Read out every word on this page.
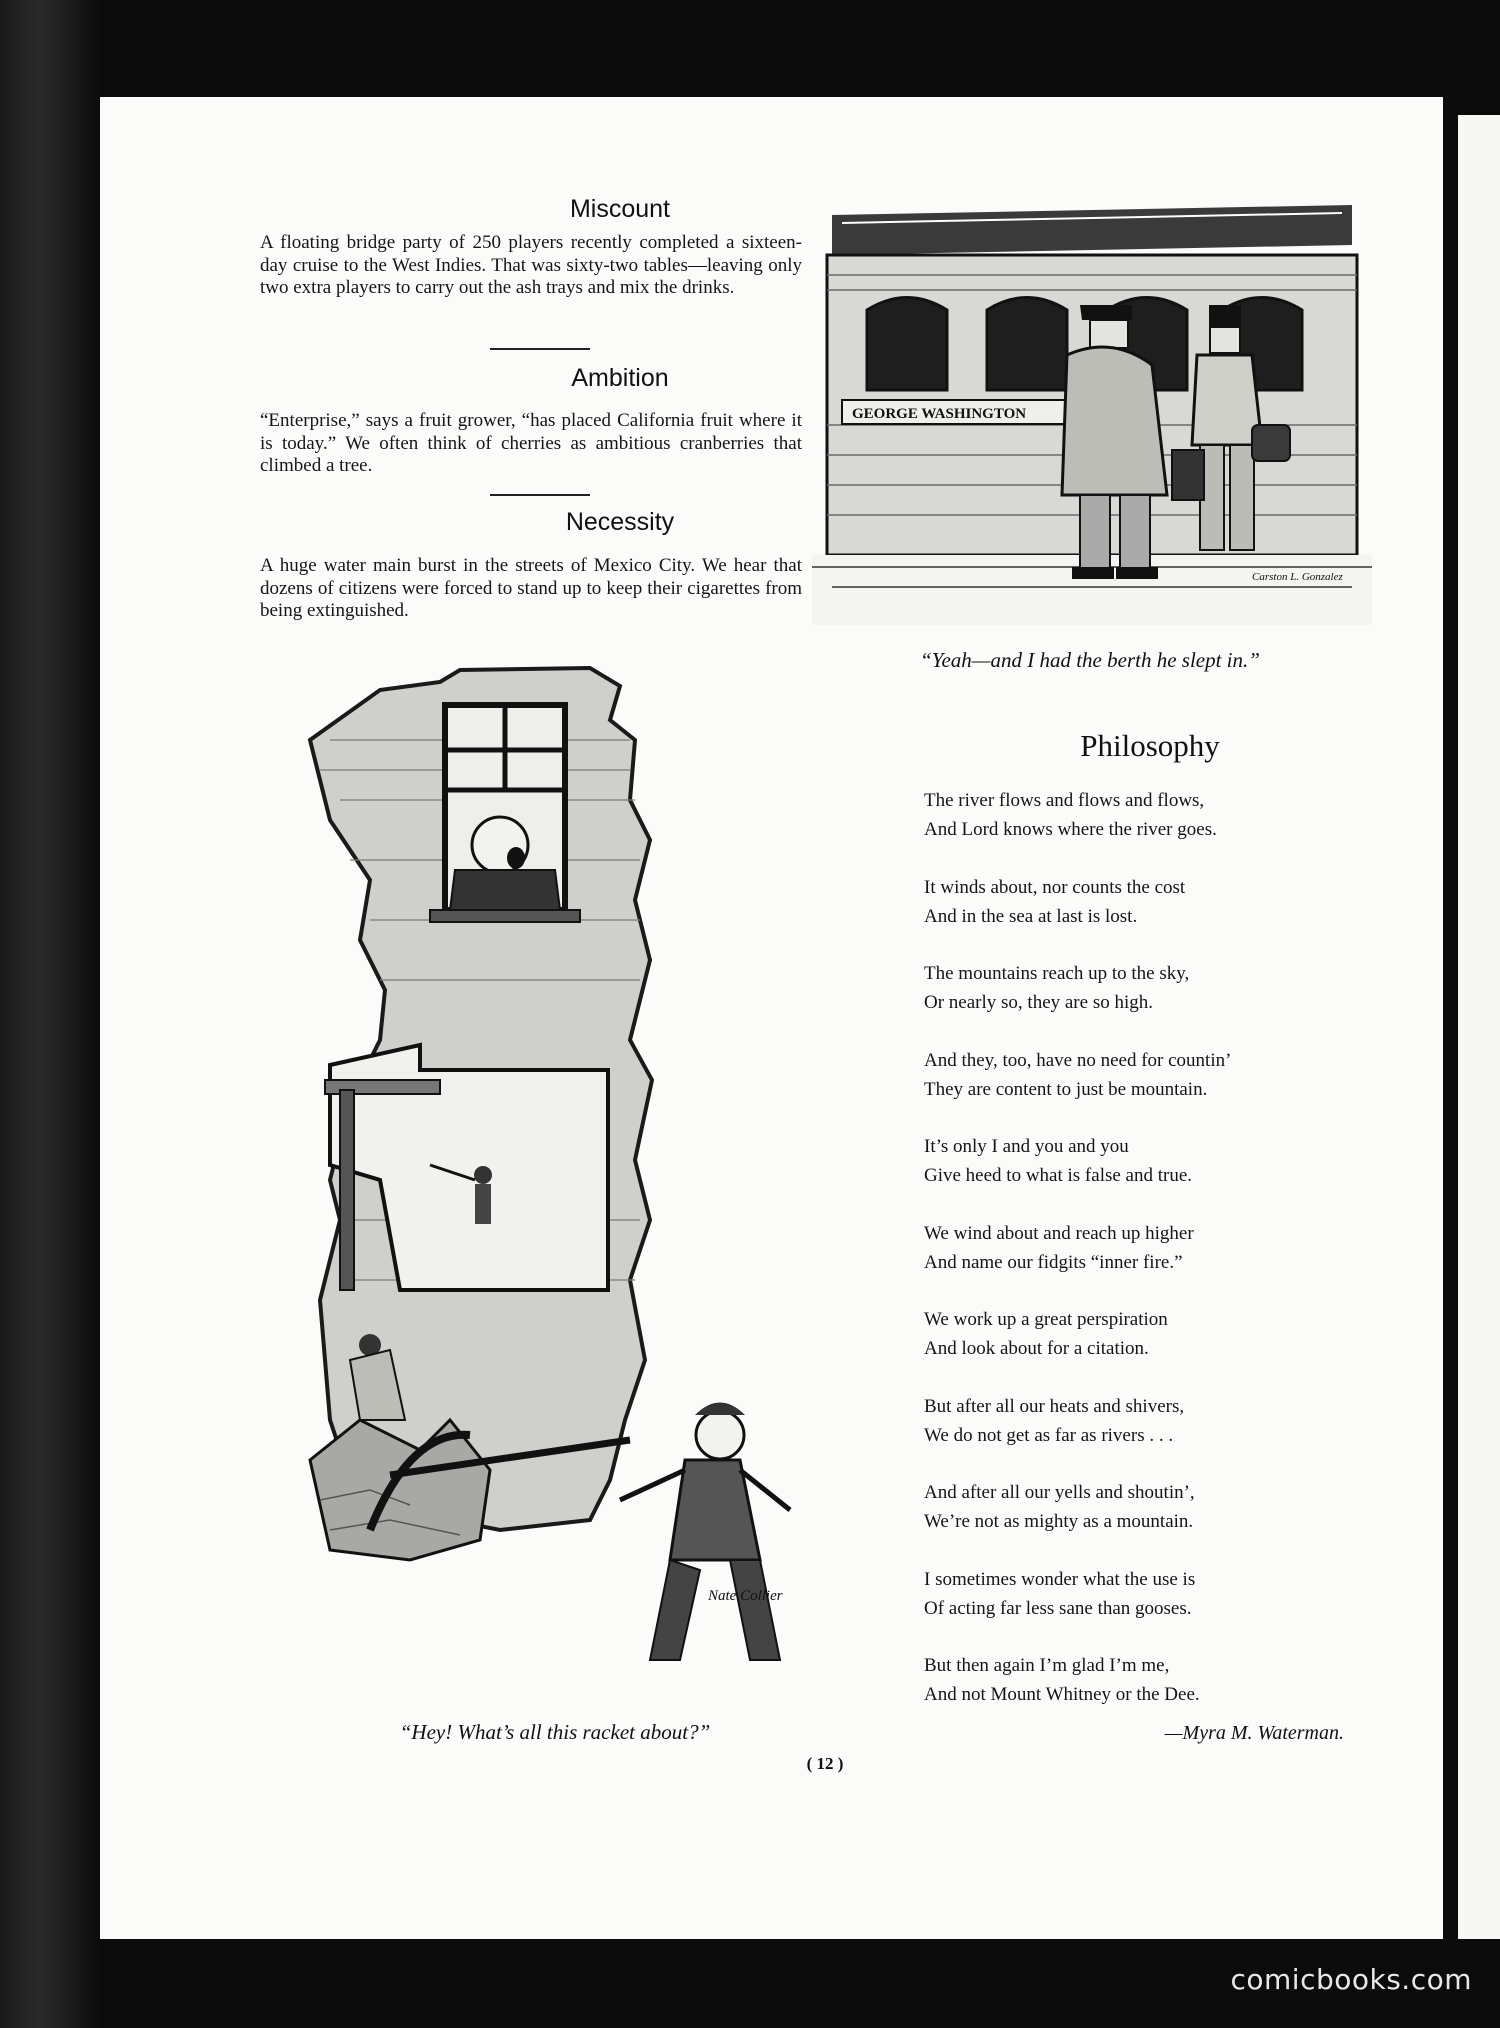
Miscount

A floating bridge party of 250 players recently completed a sixteen-day cruise to the West Indies. That was sixty-two tables—leaving only two extra players to carry out the ash trays and mix the drinks.

Ambition

“Enterprise,” says a fruit grower, “has placed California fruit where it is today.” We often think of cherries as ambitious cranberries that climbed a tree.

Necessity

A huge water main burst in the streets of Mexico City. We hear that dozens of citizens were forced to stand up to keep their cigarettes from being extinguished.

GEORGE WASHINGTON
Carston L. Gonzalez
“Yeah—and I had the berth he slept in.”
Nate Collier
“Hey! What’s all this racket about?”
Philosophy
The river flows and flows and flows,
And Lord knows where the river goes.
It winds about, nor counts the cost
And in the sea at last is lost.
The mountains reach up to the sky,
Or nearly so, they are so high.
And they, too, have no need for countin’
They are content to just be mountain.
It’s only I and you and you
Give heed to what is false and true.
We wind about and reach up higher
And name our fidgits “inner fire.”
We work up a great perspiration
And look about for a citation.
But after all our heats and shivers,
We do not get as far as rivers . . .
And after all our yells and shoutin’,
We’re not as mighty as a mountain.
I sometimes wonder what the use is
Of acting far less sane than gooses.
But then again I’m glad I’m me,
And not Mount Whitney or the Dee.
—Myra M. Waterman.
( 12 )
comicbooks.com
